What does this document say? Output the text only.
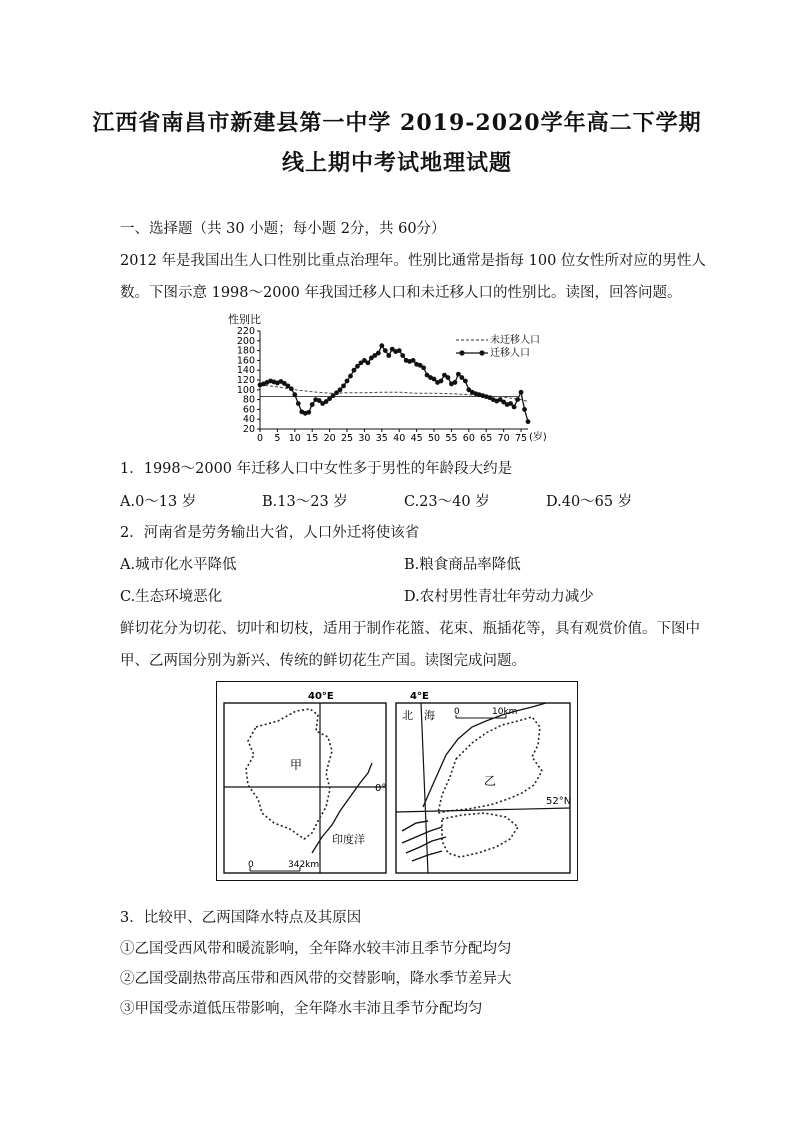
江西省南昌市新建县第一中学 2019-2020学年高二下学期
线上期中考试地理试题
一、选择题（共 30 小题；每小题 2分，共 60分）
2012 年是我国出生人口性别比重点治理年。性别比通常是指每 100 位女性所对应的男性人
数。下图示意 1998～2000 年我国迁移人口和未迁移人口的性别比。读图，回答问题。
性别比
20
40
60
80
100
120
140
160
180
200
220
0 5 10 15 20 25 30 35 40 45 50 55 60 65 70 75
未迁移人口
迁移人口
(岁)
1．1998～2000 年迁移人口中女性多于男性的年龄段大约是
A.0～13 岁	B.13～23 岁	C.23～40 岁	D.40～65 岁
2．河南省是劳务输出大省，人口外迁将使该省
A.城市化水平降低	B.粮食商品率降低
C.生态环境恶化	D.农村男性青壮年劳动力减少
鲜切花分为切花、切叶和切枝，适用于制作花篮、花束、瓶插花等，具有观赏价值。下图中
甲、乙两国分别为新兴、传统的鲜切花生产国。读图完成问题。
40°E
0°
甲
印度洋
0	342km
4°E
北　海 0	10km
52°N
乙
3．比较甲、乙两国降水特点及其原因
①乙国受西风带和暖流影响，全年降水较丰沛且季节分配均匀
②乙国受副热带高压带和西风带的交替影响，降水季节差异大
③甲国受赤道低压带影响，全年降水丰沛且季节分配均匀
